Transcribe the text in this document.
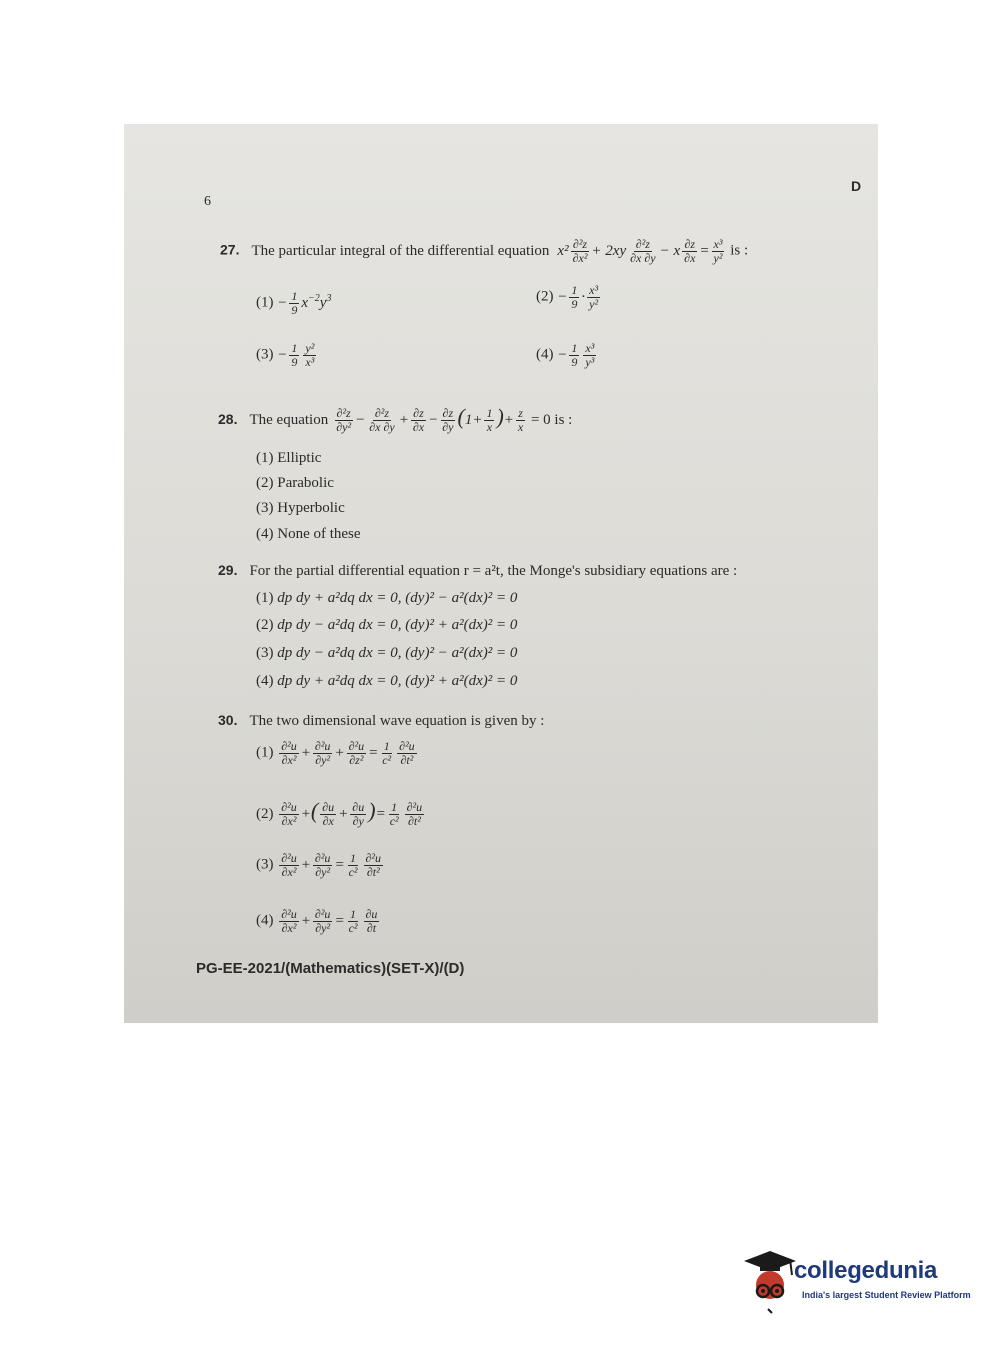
6
D
27. The particular integral of the differential equation $x^2 \frac{\text{∂²z}}{\text{∂x²}} + 2xy \frac{\text{∂²z}}{\partial x \partial y} - x \frac{\partial z}{\partial x} = \frac{\text{x³}}{\text{y²}}$ is :
$(1) - \frac{1}{9} x^{-2}y^3$	$(2) - \frac{1}{9} \cdot \frac{\text{x³}}{\text{y²}}$
$(3) - \frac{1}{9} \frac{\text{y²}}{\text{x³}}$	$(4) - \frac{1}{9} \frac{\text{x³}}{\text{y³}}$
28. The equation $\frac{\text{∂²z}}{\text{∂y²}} - \frac{\text{∂²z}}{\partial x \partial y} + \frac{\partial z}{\partial x} - \frac{\partial z}{\partial y} (1+ \frac{1}{x}$ )+ $\frac{z}{x} = 0$ is :
(1) Elliptic
(2) Parabolic
(3) Hyperbolic
(4) None of these
29. For the partial differential equation r = a²t, the Monge's subsidiary equations are :
(1) dp dy + a²dq dx = 0, (dy)² − a²(dx)² = 0
(2) dp dy − a²dq dx = 0, (dy)² + a²(dx)² = 0
(3) dp dy − a²dq dx = 0, (dy)² − a²(dx)² = 0
(4) dp dy + a²dq dx = 0, (dy)² + a²(dx)² = 0
30. The two dimensional wave equation is given by :
$(1) \frac{\text{∂²u}}{\text{∂x²}} + \frac{\text{∂²u}}{\text{∂y²}} + \frac{\text{∂²u}}{\text{∂z²}} = \frac{1}{\text{c²}} \frac{\text{∂²u}}{\text{∂t²}}$
$(2) \frac{\text{∂²u}}{\text{∂x²}}$ +( $\frac{\partial u}{\partial x} + \frac{\partial u}{\partial y}$ )= $\frac{1}{\text{c²}} \frac{\text{∂²u}}{\text{∂t²}}$
$(3) \frac{\text{∂²u}}{\text{∂x²}} + \frac{\text{∂²u}}{\text{∂y²}} = \frac{1}{\text{c²}} \frac{\text{∂²u}}{\text{∂t²}}$
$(4) \frac{\text{∂²u}}{\text{∂x²}} + \frac{\text{∂²u}}{\text{∂y²}} = \frac{1}{\text{c²}} \frac{\partial u}{\partial t}$
PG-EE-2021/(Mathematics)(SET-X)/(D)
collegedunia
India's largest Student Review Platform
